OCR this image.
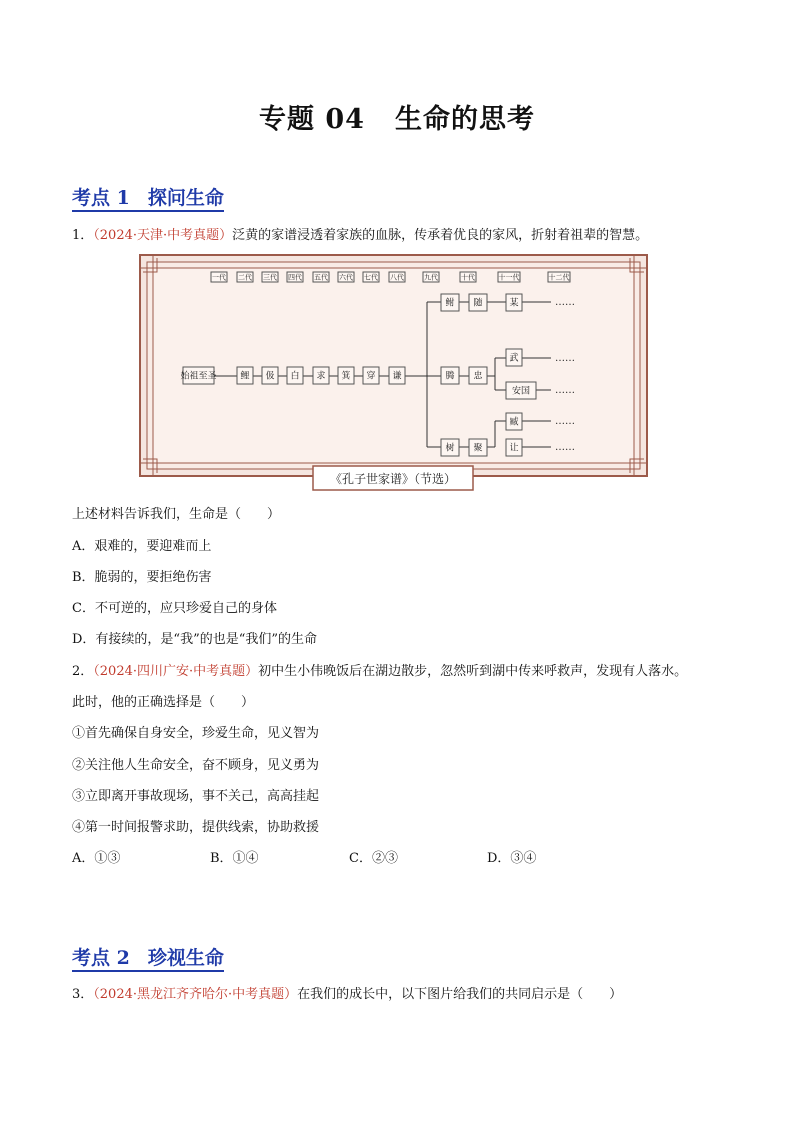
专题 04 生命的思考
考点 1 探问生命
1．（2024·天津·中考真题）泛黄的家谱浸透着家族的血脉，传承着优良的家风，折射着祖辈的智慧。
《孔子世家谱》（节选）
一代 二代 三代 四代 五代 六代 七代 八代	九代	十代	十一代	十二代
始祖至圣	鲤 伋 白 求 箕 穿 谦
鲋 随	某
腾 忠
武
安国
树 聚
臧
让
……
……
……
……
……
上述材料告诉我们，生命是（　　）
A．艰难的，要迎难而上
B．脆弱的，要拒绝伤害
C．不可逆的，应只珍爱自己的身体
D．有接续的，是“我”的也是“我们”的生命
2．（2024·四川广安·中考真题）初中生小伟晚饭后在湖边散步，忽然听到湖中传来呼救声，发现有人落水。
此时，他的正确选择是（　　）
①首先确保自身安全，珍爱生命，见义智为
②关注他人生命安全，奋不顾身，见义勇为
③立即离开事故现场，事不关己，高高挂起
④第一时间报警求助，提供线索，协助救援
A．①③	B．①④	C．②③	D．③④
考点 2 珍视生命
3．（2024·黑龙江齐齐哈尔·中考真题）在我们的成长中，以下图片给我们的共同启示是（　　）
